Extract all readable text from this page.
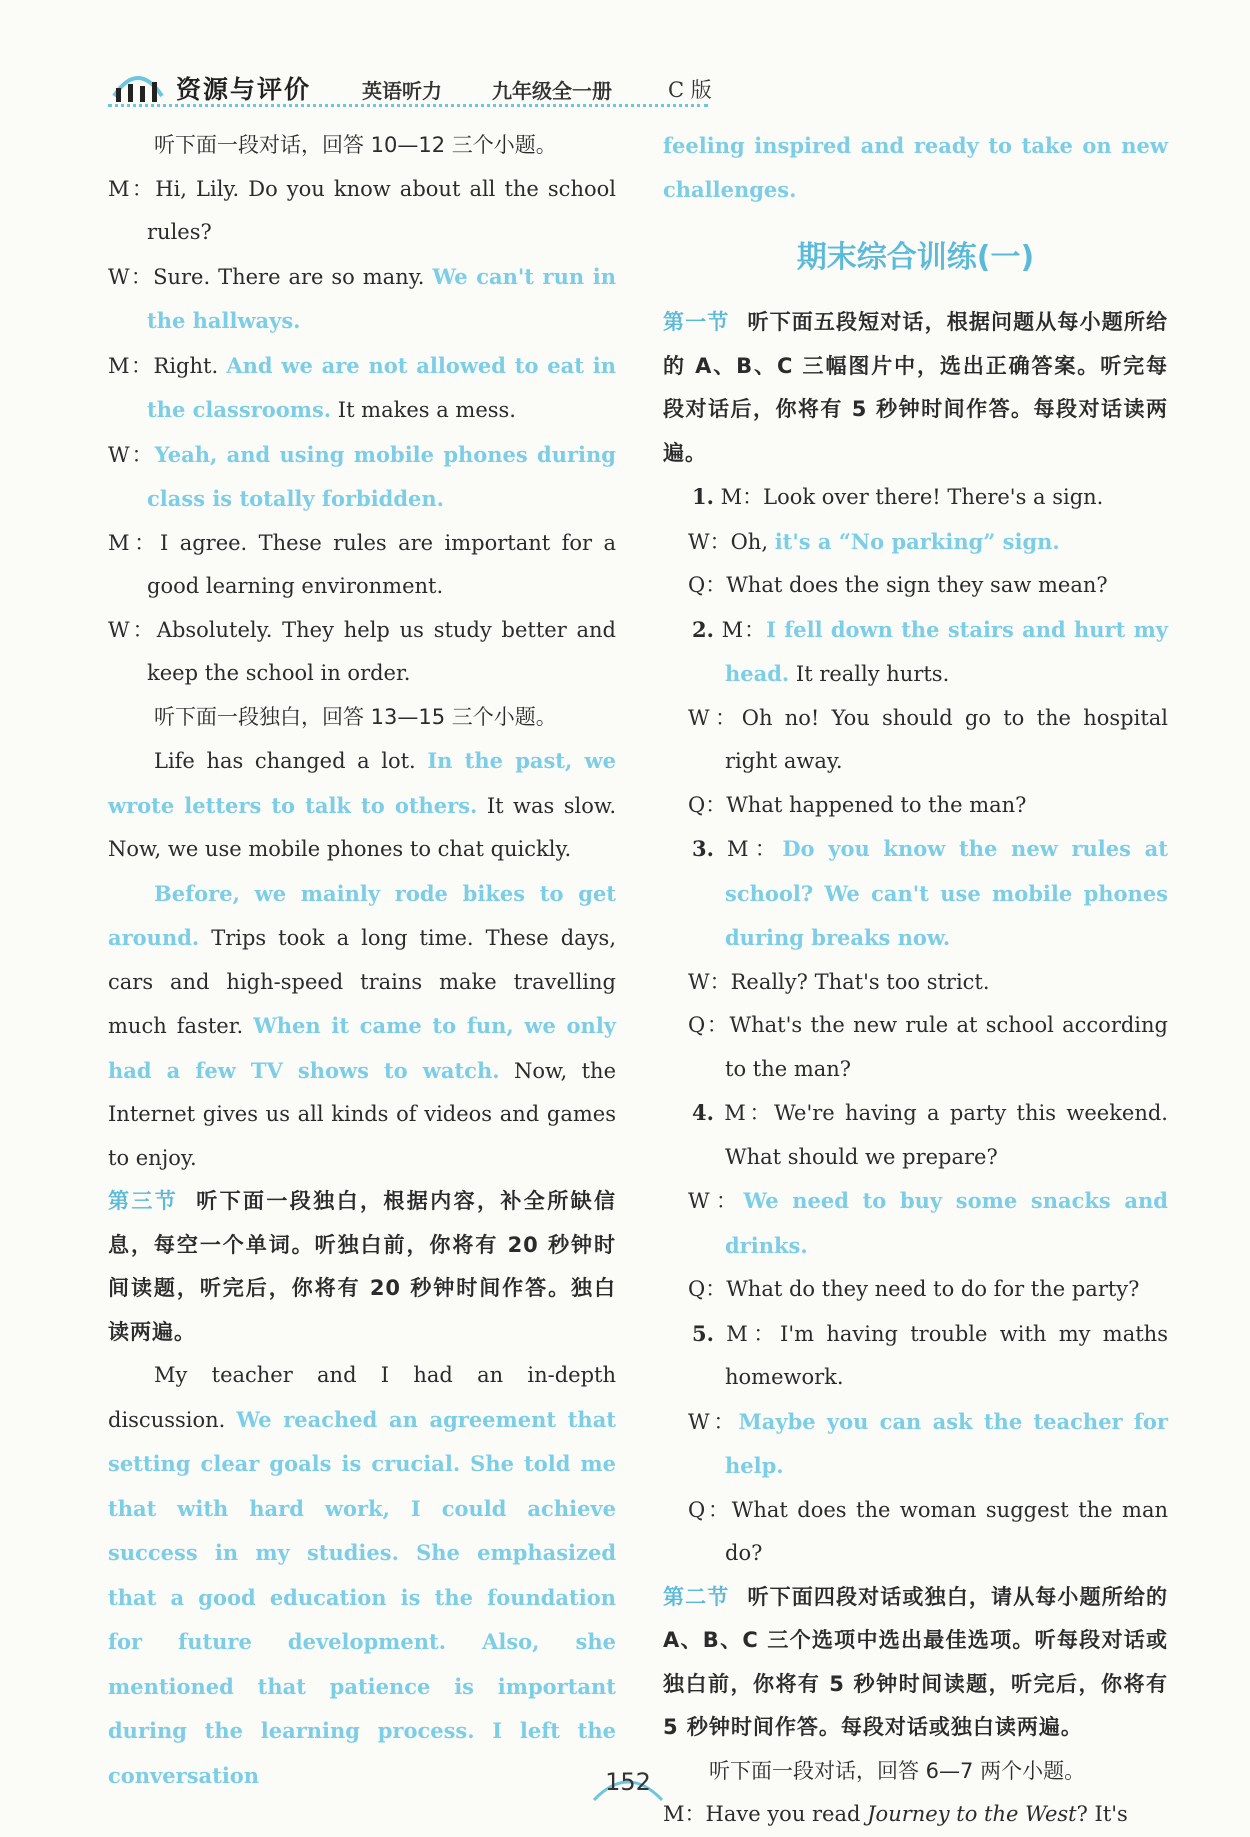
资源与评价	英语听力	九年级全一册	C 版

听下面一段对话，回答 10—12 三个小题。

M：Hi, Lily. Do you know about all the school rules?

W：Sure. There are so many. We can't run in the hallways.

M：Right. And we are not allowed to eat in the classrooms. It makes a mess.

W：Yeah, and using mobile phones during class is totally forbidden.

M：I agree. These rules are important for a good learning environment.

W：Absolutely. They help us study better and keep the school in order.

听下面一段独白，回答 13—15 三个小题。

Life has changed a lot. In the past, we wrote letters to talk to others. It was slow. Now, we use mobile phones to chat quickly.

Before, we mainly rode bikes to get around. Trips took a long time. These days, cars and high-speed trains make travelling much faster. When it came to fun, we only had a few TV shows to watch. Now, the Internet gives us all kinds of videos and games to enjoy.

第三节 听下面一段独白，根据内容，补全所缺信息，每空一个单词。听独白前，你将有 20 秒钟时间读题，听完后，你将有 20 秒钟时间作答。独白读两遍。

My teacher and I had an in-depth discussion. We reached an agreement that setting clear goals is crucial. She told me that with hard work, I could achieve success in my studies. She emphasized that a good education is the foundation for future development. Also, she mentioned that patience is important during the learning process. I left the conversation

feeling inspired and ready to take on new challenges.

期末综合训练(一)

第一节 听下面五段短对话，根据问题从每小题所给的 A、B、C 三幅图片中，选出正确答案。听完每段对话后，你将有 5 秒钟时间作答。每段对话读两遍。

1. M：Look over there! There's a sign.

W：Oh, it's a “No parking” sign.

Q：What does the sign they saw mean?

2. M：I fell down the stairs and hurt my head. It really hurts.

W：Oh no! You should go to the hospital right away.

Q：What happened to the man?

3. M：Do you know the new rules at school? We can't use mobile phones during breaks now.

W：Really? That's too strict.

Q：What's the new rule at school according to the man?

4. M：We're having a party this weekend. What should we prepare?

W：We need to buy some snacks and drinks.

Q：What do they need to do for the party?

5. M：I'm having trouble with my maths homework.

W：Maybe you can ask the teacher for help.

Q：What does the woman suggest the man do?

第二节 听下面四段对话或独白，请从每小题所给的 A、B、C 三个选项中选出最佳选项。听每段对话或独白前，你将有 5 秒钟时间读题，听完后，你将有 5 秒钟时间作答。每段对话或独白读两遍。

听下面一段对话，回答 6—7 两个小题。

M：Have you read Journey to the West? It's

152
